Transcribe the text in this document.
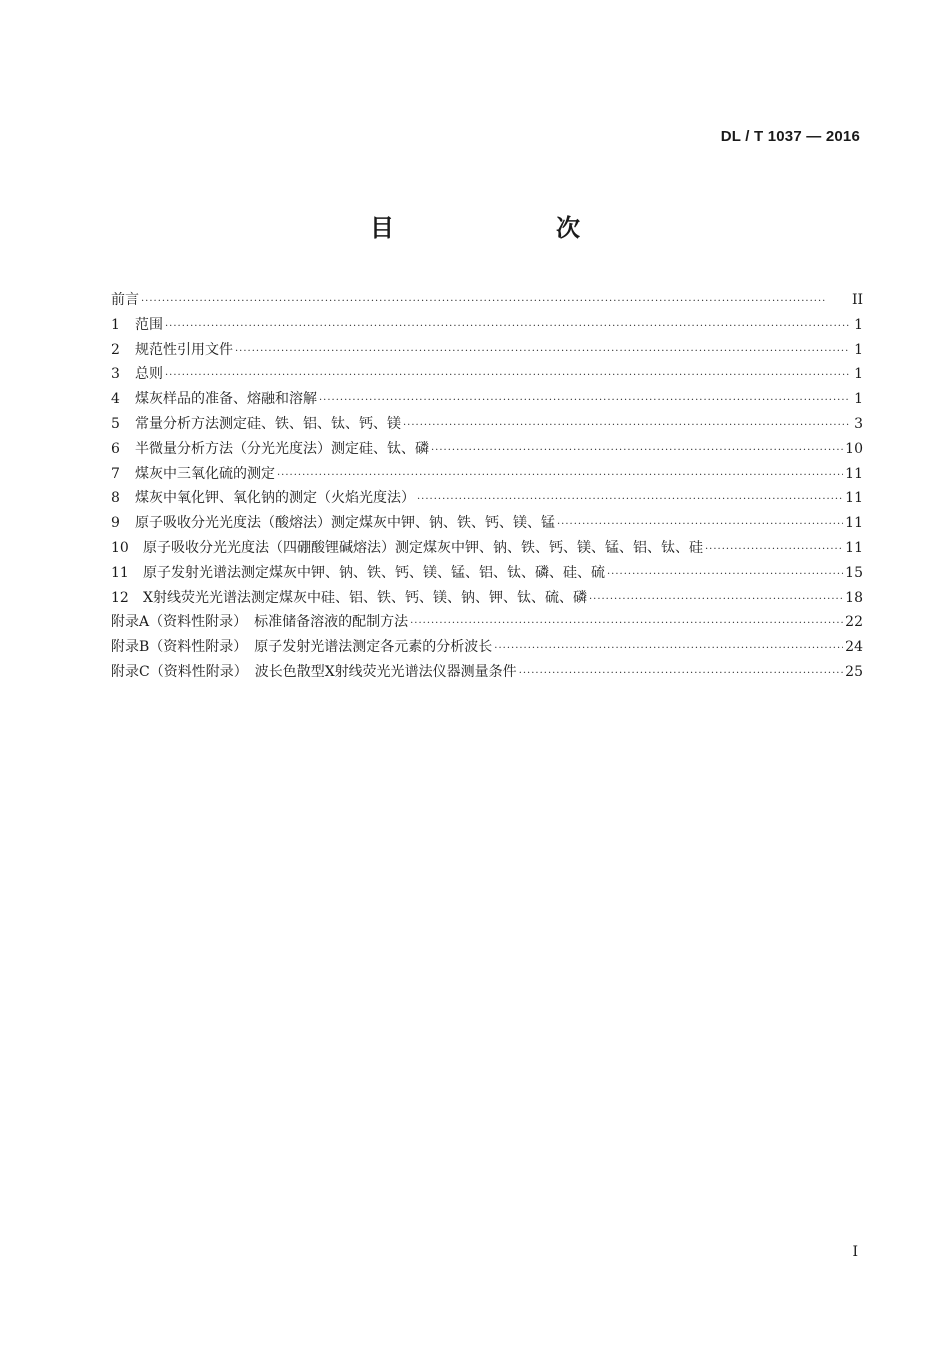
DL / T 1037 — 2016
目　　次
前言 ·····	II
1 范围 ·····	1
2 规范性引用文件 ·····	1
3 总则 ·····	1
4 煤灰样品的准备、熔融和溶解 ·····	1
5 常量分析方法测定硅、铁、铝、钛、钙、镁 ·····	3
6 半微量分析方法（分光光度法）测定硅、钛、磷 ·····	10
7 煤灰中三氧化硫的测定 ·····	11
8 煤灰中氧化钾、氧化钠的测定（火焰光度法） ·····	11
9 原子吸收分光光度法（酸熔法）测定煤灰中钾、钠、铁、钙、镁、锰 ·····	11
10 原子吸收分光光度法（四硼酸锂碱熔法）测定煤灰中钾、钠、铁、钙、镁、锰、铝、钛、硅 ·····	11
11 原子发射光谱法测定煤灰中钾、钠、铁、钙、镁、锰、铝、钛、磷、硅、硫 ·····	15
12 X射线荧光光谱法测定煤灰中硅、铝、铁、钙、镁、钠、钾、钛、硫、磷 ·····	18
附录A（资料性附录）　标准储备溶液的配制方法 ·····	22
附录B（资料性附录）　原子发射光谱法测定各元素的分析波长 ·····	24
附录C（资料性附录）　波长色散型X射线荧光光谱法仪器测量条件 ·····	25
I
